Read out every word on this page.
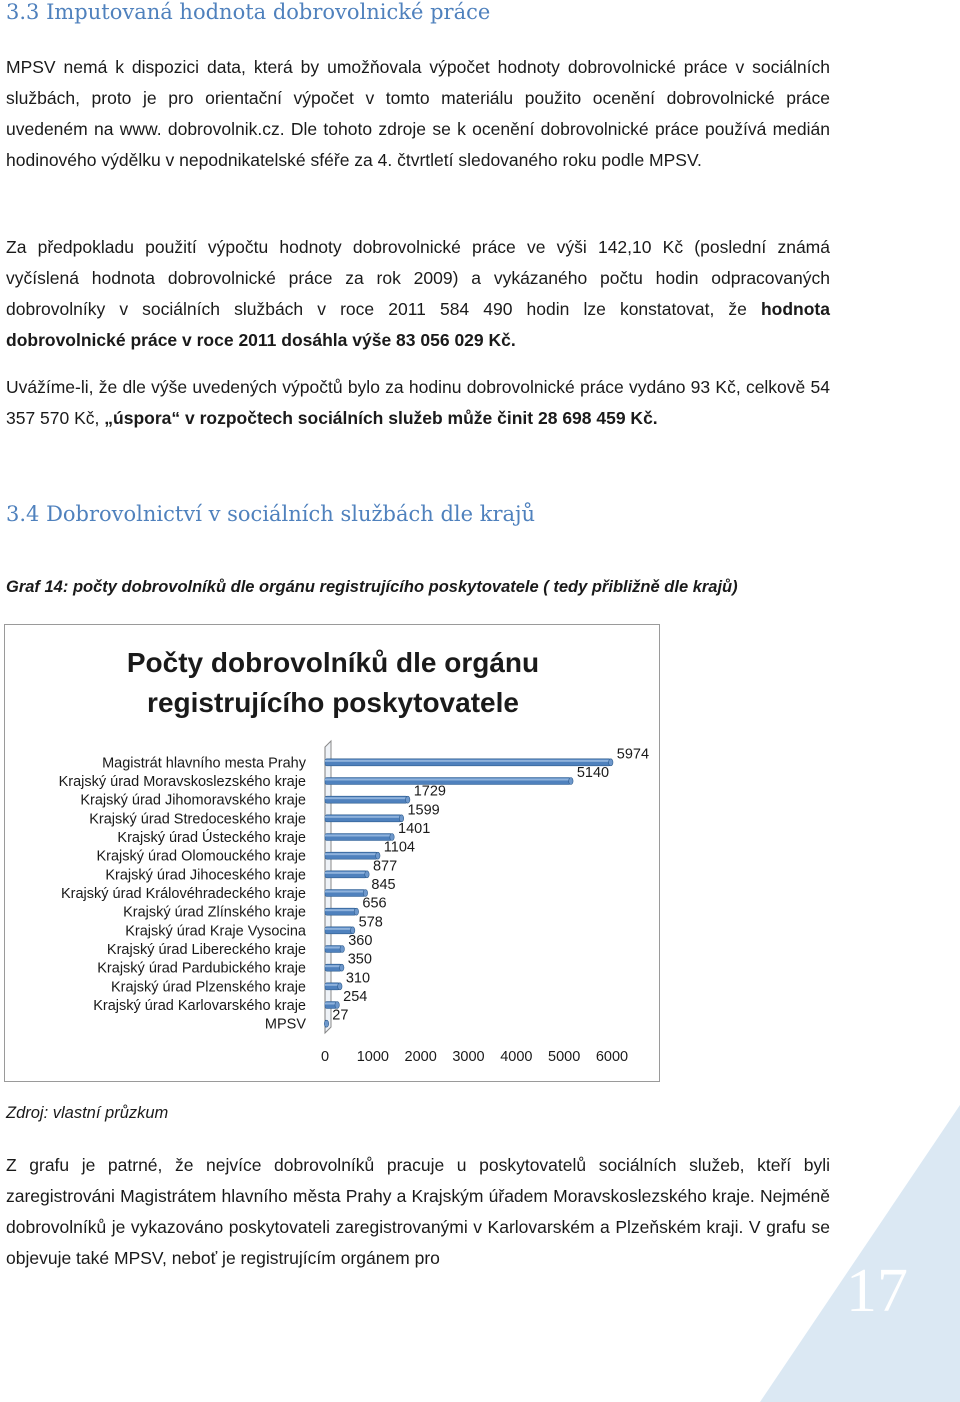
3.3 Imputovaná hodnota dobrovolnické práce

MPSV nemá k dispozici data, která by umožňovala výpočet hodnoty dobrovolnické práce v sociálních službách, proto je pro orientační výpočet v tomto materiálu použito ocenění dobrovolnické práce uvedeném na www. dobrovolnik.cz. Dle tohoto zdroje se k ocenění dobrovolnické práce používá medián hodinového výdělku v nepodnikatelské sféře za 4. čtvrtletí sledovaného roku podle MPSV.

Za předpokladu použití výpočtu hodnoty dobrovolnické práce ve výši 142,10 Kč (poslední známá vyčíslená hodnota dobrovolnické práce za rok 2009) a vykázaného počtu hodin odpracovaných dobrovolníky v sociálních službách v roce 2011 584 490 hodin lze konstatovat, že hodnota dobrovolnické práce v roce 2011 dosáhla výše 83 056 029 Kč.

Uvážíme-li, že dle výše uvedených výpočtů bylo za hodinu dobrovolnické práce vydáno 93 Kč, celkově 54 357 570 Kč, „úspora“ v rozpočtech sociálních služeb může činit 28 698 459 Kč.

3.4 Dobrovolnictví v sociálních službách dle krajů
Graf 14: počty dobrovolníků dle orgánu registrujícího poskytovatele ( tedy přibližně dle krajů)
Počty dobrovolníků dle orgánu
registrujícího poskytovatele
Magistrát hlavního mesta Prahy
5974
Krajský úrad Moravskoslezského kraje
5140
Krajský úrad Jihomoravského kraje
1729
Krajský úrad Stredoceského kraje
1599
Krajský úrad Ústeckého kraje
1401
Krajský úrad Olomouckého kraje
1104
Krajský úrad Jihoceského kraje
877
Krajský úrad Královéhradeckého kraje
845
Krajský úrad Zlínského kraje
656
Krajský úrad Kraje Vysocina
578
Krajský úrad Libereckého kraje
360
Krajský úrad Pardubického kraje
350
Krajský úrad Plzenského kraje
310
Krajský úrad Karlovarského kraje
254
MPSV
27
0 1000 2000 3000 4000 5000 6000
Zdroj: vlastní průzkum

Z grafu je patrné, že nejvíce dobrovolníků pracuje u poskytovatelů sociálních služeb, kteří byli zaregistrováni Magistrátem hlavního města Prahy a Krajským úřadem Moravskoslezského kraje. Nejméně dobrovolníků je vykazováno poskytovateli zaregistrovanými v Karlovarském a Plzeňském kraji. V grafu se objevuje také MPSV, neboť je registrujícím orgánem pro	17
